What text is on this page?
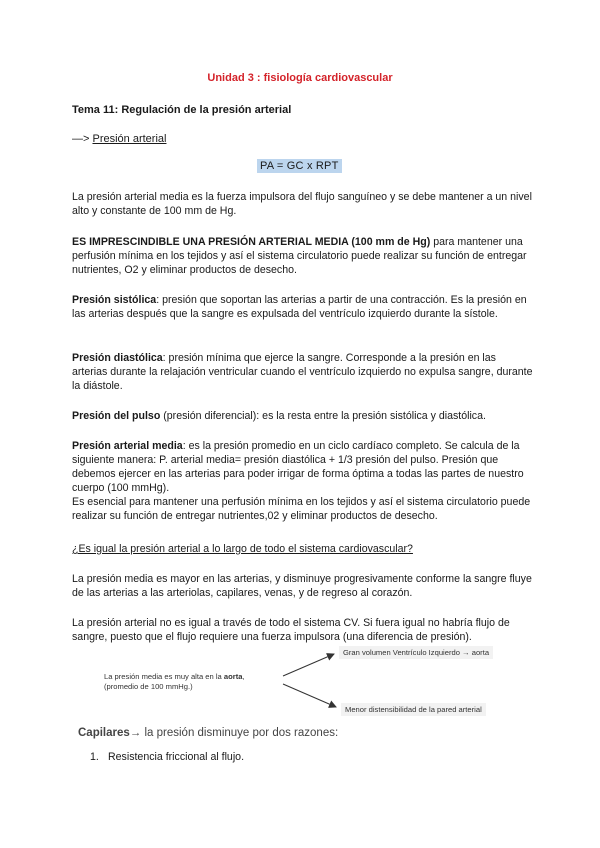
Unidad 3 : fisiología cardiovascular
Tema 11: Regulación de la presión arterial
—> Presión arterial
PA = GC x RPT

La presión arterial media es la fuerza impulsora del flujo sanguíneo y se debe mantener a un nivel alto y constante de 100 mm de Hg.

ES IMPRESCINDIBLE UNA PRESIÓN ARTERIAL MEDIA (100 mm de Hg) para mantener una perfusión mínima en los tejidos y así el sistema circulatorio puede realizar su función de entregar nutrientes, O2 y eliminar productos de desecho.

Presión sistólica: presión que soportan las arterias a partir de una contracción. Es la presión en las arterias después que la sangre es expulsada del ventrículo izquierdo durante la sístole.

Presión diastólica: presión mínima que ejerce la sangre. Corresponde a la presión en las arterias durante la relajación ventricular cuando el ventrículo izquierdo no expulsa sangre, durante la diástole.

Presión del pulso (presión diferencial): es la resta entre la presión sistólica y diastólica.

Presión arterial media: es la presión promedio en un ciclo cardíaco completo. Se calcula de la siguiente manera: P. arterial media= presión diastólica + 1/3 presión del pulso. Presión que debemos ejercer en las arterias para poder irrigar de forma óptima a todas las partes de nuestro cuerpo (100 mmHg).
Es esencial para mantener una perfusión mínima en los tejidos y así el sistema circulatorio puede realizar su función de entregar nutrientes,02 y eliminar productos de desecho.

¿Es igual la presión arterial a lo largo de todo el sistema cardiovascular?

La presión media es mayor en las arterias, y disminuye progresivamente conforme la sangre fluye de las arterias a las arteriolas, capilares, venas, y de regreso al corazón.

La presión arterial no es igual a través de todo el sistema CV. Si fuera igual no habría flujo de sangre, puesto que el flujo requiere una fuerza impulsora (una diferencia de presión).

La presión media es muy alta en la aorta, (promedio de 100 mmHg.)
Gran volumen Ventrículo Izquierdo → aorta
Menor distensibilidad de la pared arterial
Capilares→ la presión disminuye por dos razones:
1. Resistencia friccional al flujo.
